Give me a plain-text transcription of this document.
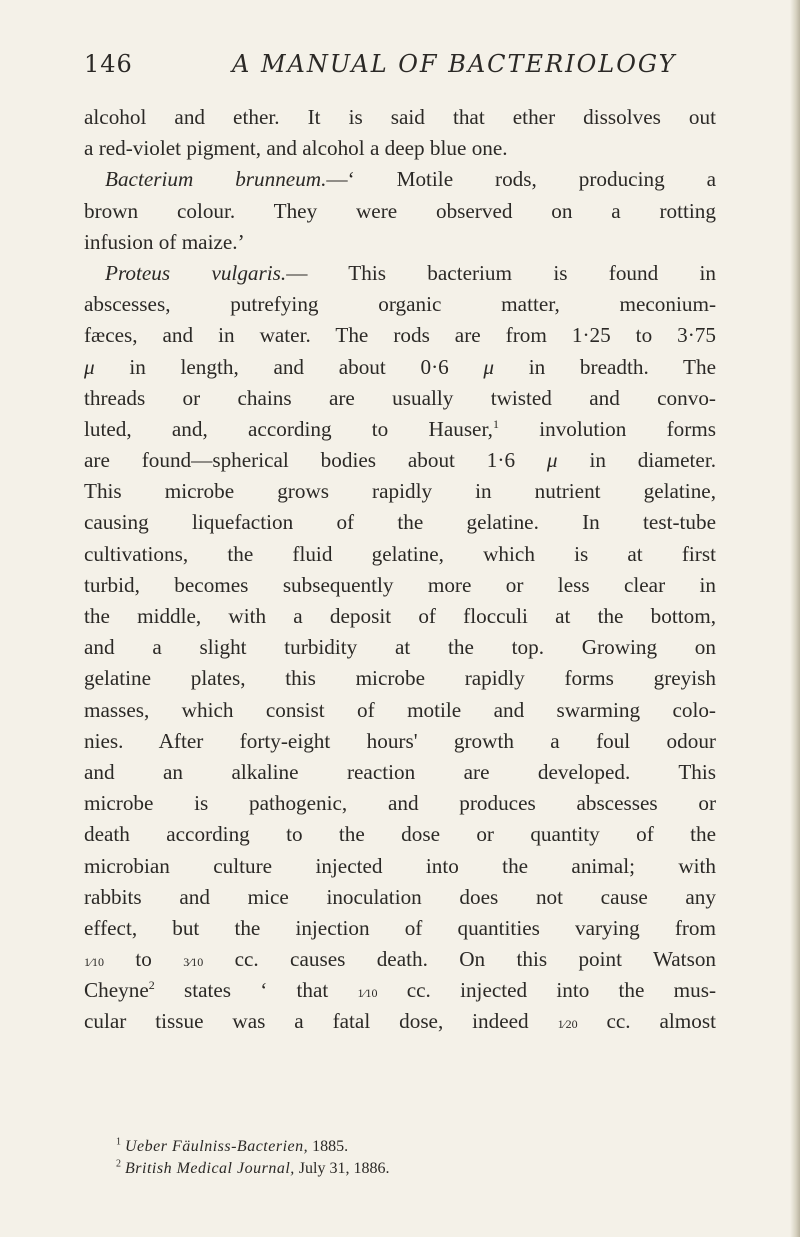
146	A MANUAL OF BACTERIOLOGY
alcohol and ether. It is said that ether dissolves out
a red-violet pigment, and alcohol a deep blue one.
Bacterium brunneum.—‘ Motile rods, producing a
brown colour. They were observed on a rotting
infusion of maize.’
Proteus vulgaris.— This bacterium is found in
abscesses, putrefying organic matter, meconium-
fæces, and in water. The rods are from 1·25 to 3·75
μ in length, and about 0·6 μ in breadth. The
threads or chains are usually twisted and convo-
luted, and, according to Hauser,$^1$ involution forms
are found—spherical bodies about 1·6 μ in diameter.
This microbe grows rapidly in nutrient gelatine,
causing liquefaction of the gelatine. In test-tube
cultivations, the fluid gelatine, which is at first
turbid, becomes subsequently more or less clear in
the middle, with a deposit of flocculi at the bottom,
and a slight turbidity at the top. Growing on
gelatine plates, this microbe rapidly forms greyish
masses, which consist of motile and swarming colo-
nies. After forty-eight hours' growth a foul odour
and an alkaline reaction are developed. This
microbe is pathogenic, and produces abscesses or
death according to the dose or quantity of the
microbian culture injected into the animal; with
rabbits and mice inoculation does not cause any
effect, but the injection of quantities varying from
1⁄10 to	3⁄10 cc. causes death. On this point Watson
Cheyne$^2$ states ‘ that 1⁄10 cc. injected into the mus-
cular tissue was a fatal dose, indeed 1⁄20 cc. almost
$^1$ Ueber Fäulniss-Bacterien, 1885.
$^2$ British Medical Journal, July 31, 1886.
